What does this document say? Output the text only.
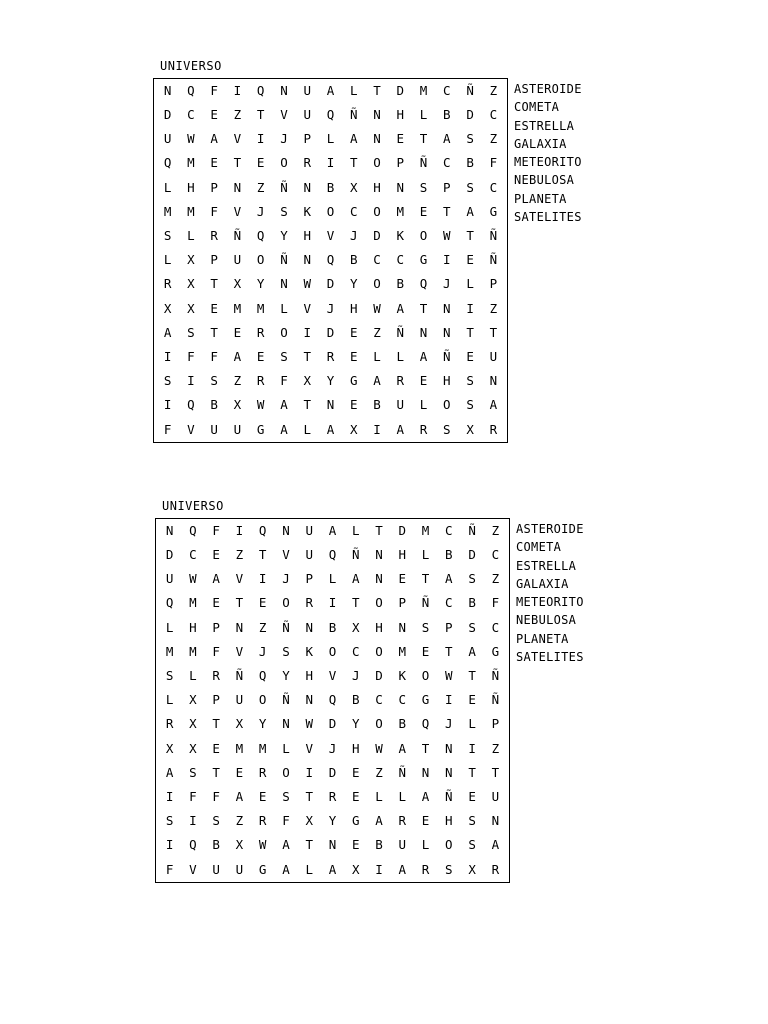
UNIVERSO
N	Q	F	I	Q	N	U	A	L	T	D	M	C	Ñ	Z
D	C	E	Z	T	V	U	Q	Ñ	N	H	L	B	D	C
U	W	A	V	I	J	P	L	A	N	E	T	A	S	Z
Q	M	E	T	E	O	R	I	T	O	P	Ñ	C	B	F
L	H	P	N	Z	Ñ	N	B	X	H	N	S	P	S	C
M	M	F	V	J	S	K	O	C	O	M	E	T	A	G
S	L	R	Ñ	Q	Y	H	V	J	D	K	O	W	T	Ñ
L	X	P	U	O	Ñ	N	Q	B	C	C	G	I	E	Ñ
R	X	T	X	Y	N	W	D	Y	O	B	Q	J	L	P
X	X	E	M	M	L	V	J	H	W	A	T	N	I	Z
A	S	T	E	R	O	I	D	E	Z	Ñ	N	N	T	T
I	F	F	A	E	S	T	R	E	L	L	A	Ñ	E	U
S	I	S	Z	R	F	X	Y	G	A	R	E	H	S	N
I	Q	B	X	W	A	T	N	E	B	U	L	O	S	A
F	V	U	U	G	A	L	A	X	I	A	R	S	X	R
ASTEROIDE
COMETA
ESTRELLA
GALAXIA
METEORITO
NEBULOSA
PLANETA
SATELITES
UNIVERSO
N	Q	F	I	Q	N	U	A	L	T	D	M	C	Ñ	Z
D	C	E	Z	T	V	U	Q	Ñ	N	H	L	B	D	C
U	W	A	V	I	J	P	L	A	N	E	T	A	S	Z
Q	M	E	T	E	O	R	I	T	O	P	Ñ	C	B	F
L	H	P	N	Z	Ñ	N	B	X	H	N	S	P	S	C
M	M	F	V	J	S	K	O	C	O	M	E	T	A	G
S	L	R	Ñ	Q	Y	H	V	J	D	K	O	W	T	Ñ
L	X	P	U	O	Ñ	N	Q	B	C	C	G	I	E	Ñ
R	X	T	X	Y	N	W	D	Y	O	B	Q	J	L	P
X	X	E	M	M	L	V	J	H	W	A	T	N	I	Z
A	S	T	E	R	O	I	D	E	Z	Ñ	N	N	T	T
I	F	F	A	E	S	T	R	E	L	L	A	Ñ	E	U
S	I	S	Z	R	F	X	Y	G	A	R	E	H	S	N
I	Q	B	X	W	A	T	N	E	B	U	L	O	S	A
F	V	U	U	G	A	L	A	X	I	A	R	S	X	R
ASTEROIDE
COMETA
ESTRELLA
GALAXIA
METEORITO
NEBULOSA
PLANETA
SATELITES
